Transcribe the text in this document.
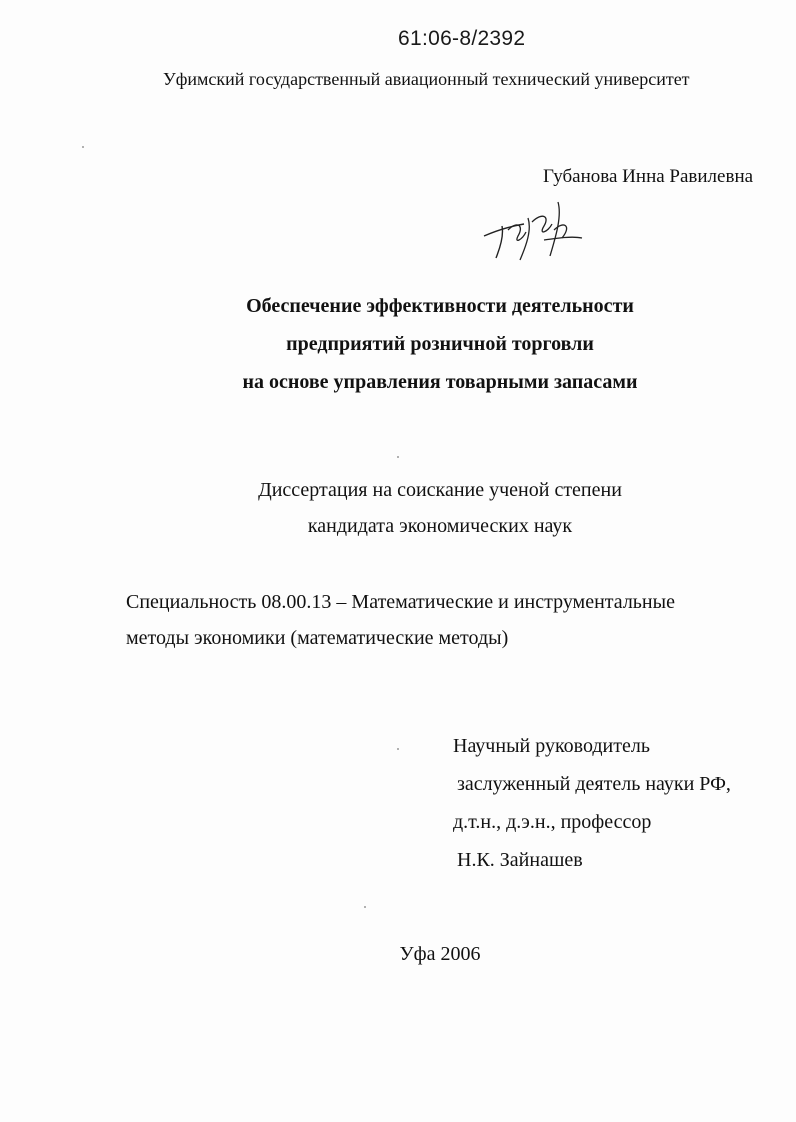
61:06-8/2392
Уфимский государственный авиационный технический университет
Губанова Инна Равилевна
Обеспечение эффективности деятельности
предприятий розничной торговли
на основе управления товарными запасами
Диссертация на соискание ученой степени
кандидата экономических наук
Специальность 08.00.13 – Математические и инструментальные
методы экономики (математические методы)
Научный руководитель
заслуженный деятель науки РФ,
д.т.н., д.э.н., профессор
Н.К. Зайнашев
Уфа 2006
